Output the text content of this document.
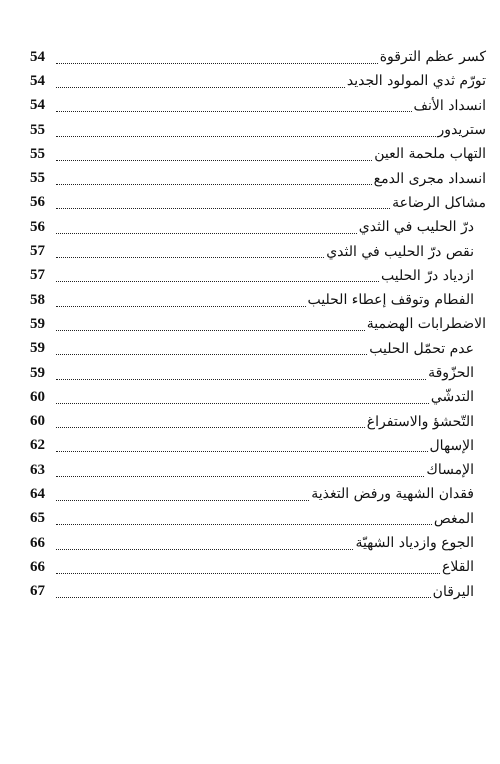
كسر عظم الترقوة
54
تورّم ثدي المولود الجديد
54
انسداد الأنف
54
ستريدور
55
التهاب ملحمة العين
55
انسداد مجرى الدمع
55
مشاكل الرضاعة
56
درّ الحليب في الثدي
56
نقص درّ الحليب في الثدي
57
ازدياد درّ الحليب
57
الفطام وتوقف إعطاء الحليب
58
الاضطرابات الهضمية
59
عدم تحمّل الحليب
59
الحزّوقة
59
التدشّي
60
التّحشؤ والاستفراغ
60
الإسهال
62
الإمساك
63
فقدان الشهية ورفض التغذية
64
المغص
65
الجوع وازدياد الشهيّة
66
القلاع
66
اليرقان
67
